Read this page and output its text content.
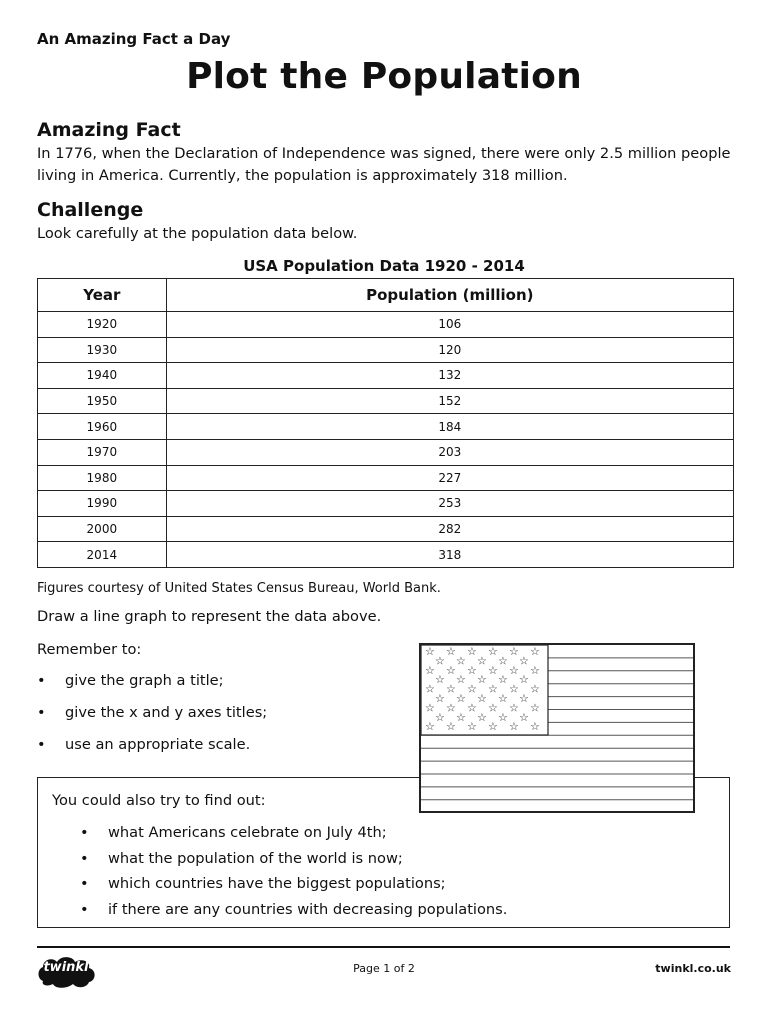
An Amazing Fact a Day
Plot the Population
Amazing Fact
In 1776, when the Declaration of Independence was signed, there were only 2.5 million people living in America. Currently, the population is approximately 318 million.
Challenge
Look carefully at the population data below.
USA Population Data 1920 - 2014
Year	Population (million)
1920	106
1930	120
1940	132
1950	152
1960	184
1970	203
1980	227
1990	253
2000	282
2014	318
Figures courtesy of United States Census Bureau, World Bank.
Draw a line graph to represent the data above.
Remember to:
• give the graph a title;
• give the x and y axes titles;
• use an appropriate scale.
You could also try to find out:
• what Americans celebrate on July 4th;
• what the population of the world is now;
• which countries have the biggest populations;
• if there are any countries with decreasing populations.
☆ ☆ ☆ ☆ ☆ ☆
☆ ☆ ☆ ☆ ☆
☆ ☆ ☆ ☆ ☆ ☆
☆ ☆ ☆ ☆ ☆
☆ ☆ ☆ ☆ ☆ ☆
☆ ☆ ☆ ☆ ☆
☆ ☆ ☆ ☆ ☆ ☆
☆ ☆ ☆ ☆ ☆
☆ ☆ ☆ ☆ ☆ ☆
twinkl	Page 1 of 2	twinkl.co.uk
